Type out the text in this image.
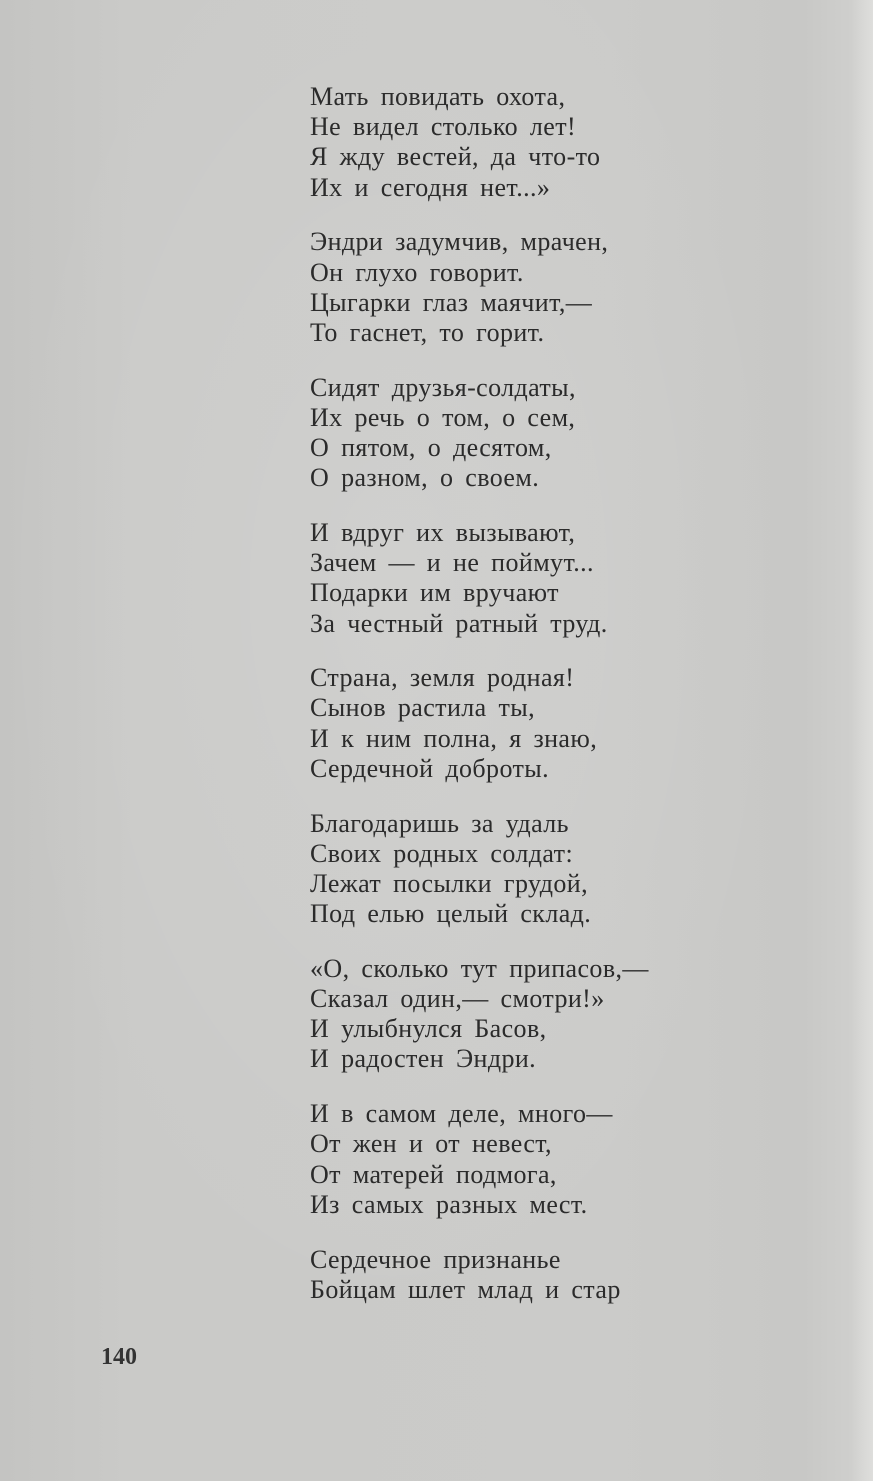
Мать повидать охота,
Не видел столько лет!
Я жду вестей, да что-то
Их и сегодня нет...»
Эндри задумчив, мрачен,
Он глухо говорит.
Цыгарки глаз маячит,—
То гаснет, то горит.
Сидят друзья-солдаты,
Их речь о том, о сем,
О пятом, о десятом,
О разном, о своем.
И вдруг их вызывают,
Зачем — и не поймут...
Подарки им вручают
За честный ратный труд.
Страна, земля родная!
Сынов растила ты,
И к ним полна, я знаю,
Сердечной доброты.
Благодаришь за удаль
Своих родных солдат:
Лежат посылки грудой,
Под елью целый склад.
«О, сколько тут припасов,—
Сказал один,— смотри!»
И улыбнулся Басов,
И радостен Эндри.
И в самом деле, много—
От жен и от невест,
От матерей подмога,
Из самых разных мест.
Сердечное признанье
Бойцам шлет млад и стар
140
